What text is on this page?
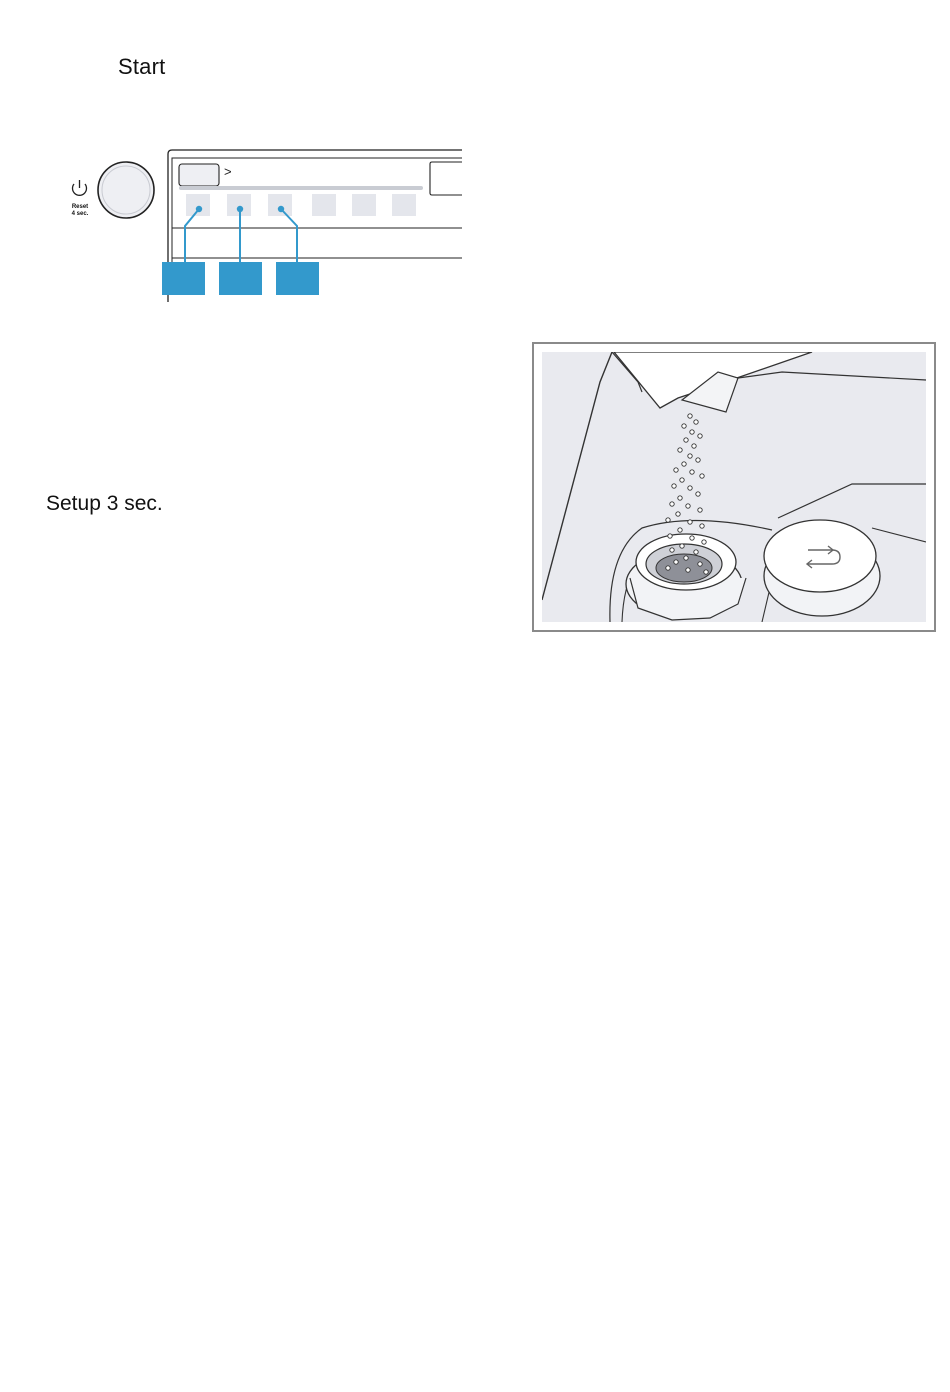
Start
>
Reset
4 sec.
Setup 3 sec.
